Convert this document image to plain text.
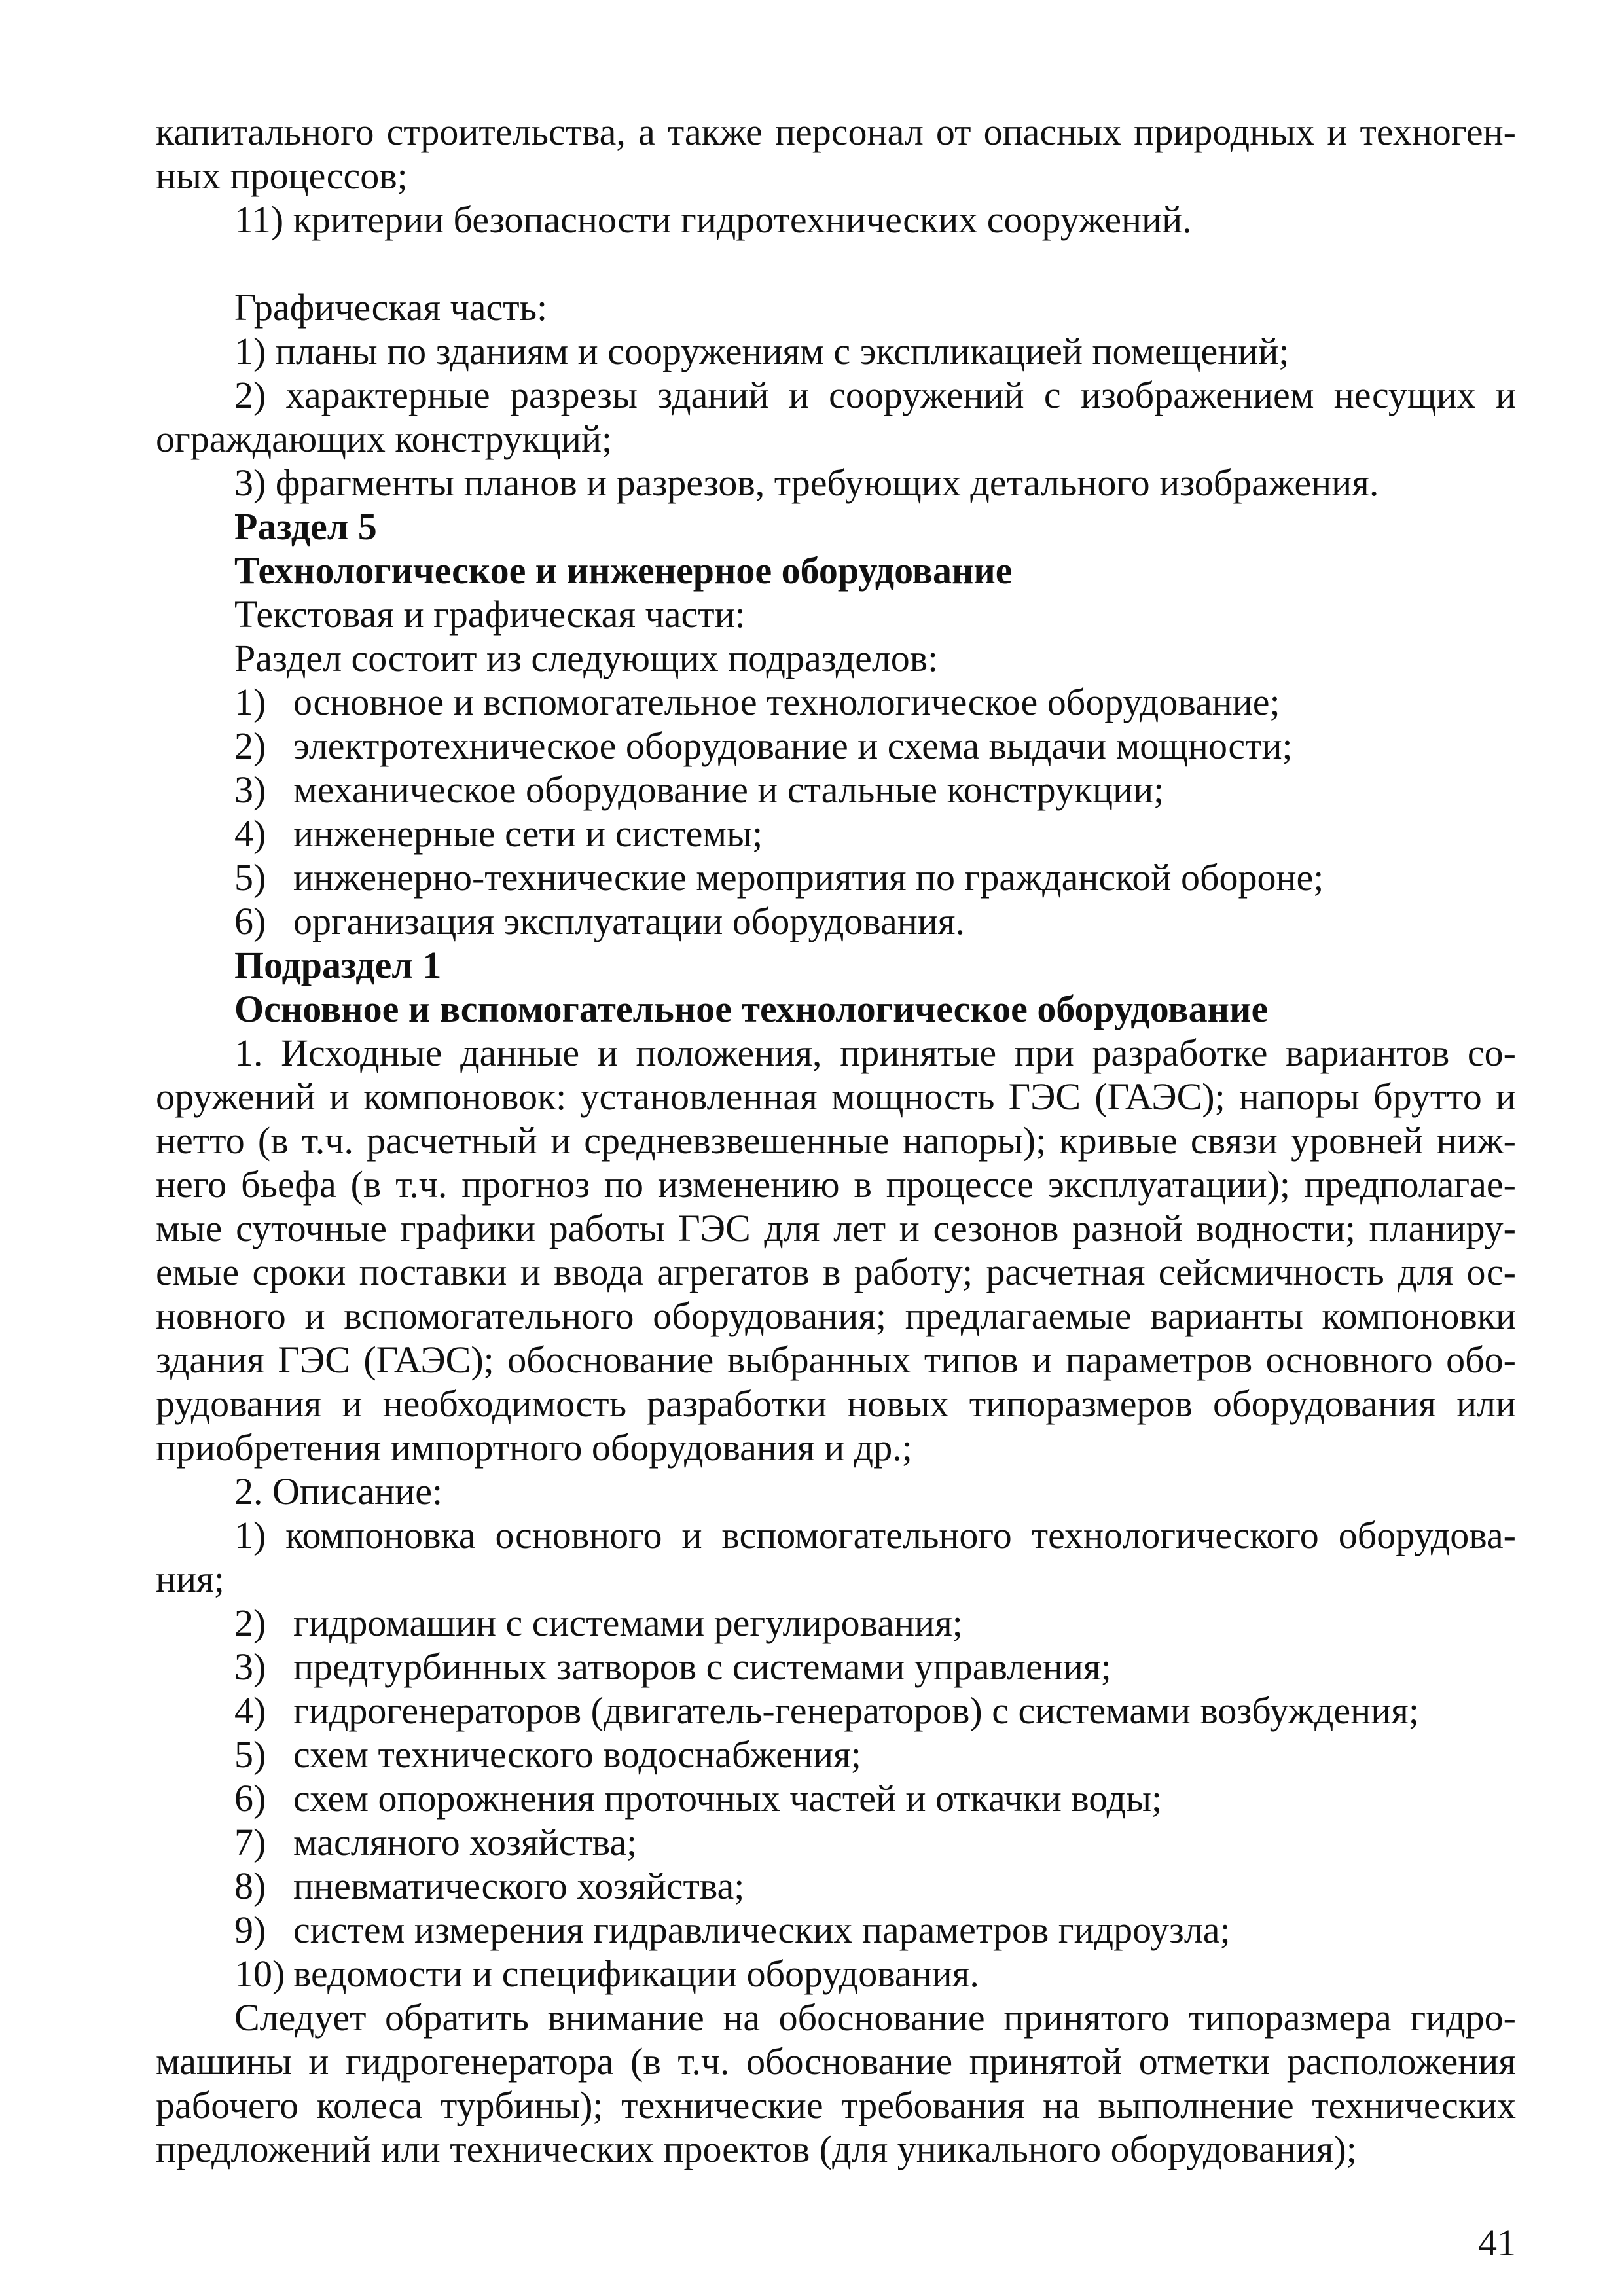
капитального строительства, а также персонал от опасных природных и техноген-ных процессов;

11) критерии безопасности гидротехнических сооружений.

Графическая часть:

1) планы по зданиям и сооружениям с экспликацией помещений;

2) характерные разрезы зданий и сооружений с изображением несущих и ограждающих конструкций;

3) фрагменты планов и разрезов, требующих детального изображения.

Раздел 5

Технологическое и инженерное оборудование

Текстовая и графическая части:

Раздел состоит из следующих подразделов:

1) основное и вспомогательное технологическое оборудование;
2) электротехническое оборудование и схема выдачи мощности;
3) механическое оборудование и стальные конструкции;
4) инженерные сети и системы;
5) инженерно-технические мероприятия по гражданской обороне;
6) организация эксплуатации оборудования.

Подраздел 1

Основное и вспомогательное технологическое оборудование

1. Исходные данные и положения, принятые при разработке вариантов со-оружений и компоновок: установленная мощность ГЭС (ГАЭС); напоры брутто и нетто (в т.ч. расчетный и средневзвешенные напоры); кривые связи уровней ниж-него бьефа (в т.ч. прогноз по изменению в процессе эксплуатации); предполагае-мые суточные графики работы ГЭС для лет и сезонов разной водности; планиру-емые сроки поставки и ввода агрегатов в работу; расчетная сейсмичность для ос-новного и вспомогательного оборудования; предлагаемые варианты компоновки здания ГЭС (ГАЭС); обоснование выбранных типов и параметров основного обо-рудования и необходимость разработки новых типоразмеров оборудования или приобретения импортного оборудования и др.;

2. Описание:

1) компоновка основного и вспомогательного технологического оборудова-ния;

2) гидромашин с системами регулирования;
3) предтурбинных затворов с системами управления;
4) гидрогенераторов (двигатель-генераторов) с системами возбуждения;
5) схем технического водоснабжения;
6) схем опорожнения проточных частей и откачки воды;
7) масляного хозяйства;
8) пневматического хозяйства;
9) систем измерения гидравлических параметров гидроузла;
10) ведомости и спецификации оборудования.

Следует обратить внимание на обоснование принятого типоразмера гидро-машины и гидрогенератора (в т.ч. обоснование принятой отметки расположения рабочего колеса турбины); технические требования на выполнение технических предложений или технических проектов (для уникального оборудования);

41
